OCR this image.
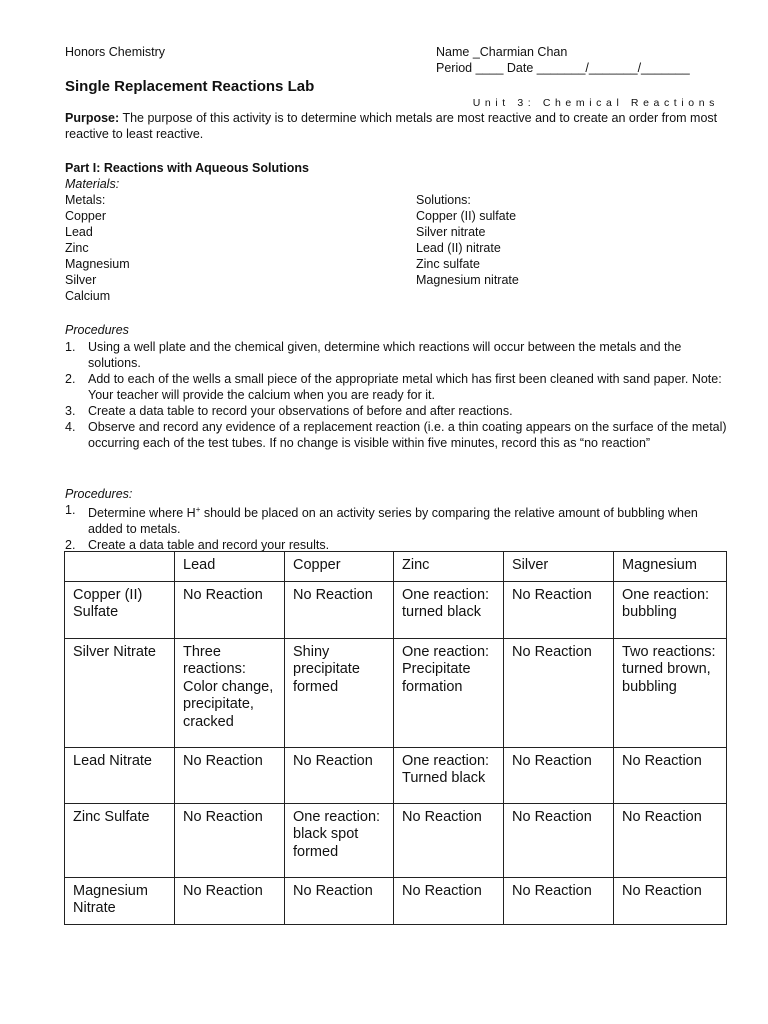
Honors Chemistry	Name _Charmian Chan
Period ____ Date _______/_______/_______
Single Replacement Reactions Lab
Unit 3: Chemical Reactions
Purpose: The purpose of this activity is to determine which metals are most reactive and to create an order from most reactive to least reactive.
Part I: Reactions with Aqueous Solutions
Materials:
Metals:
Copper
Lead
Zinc
Magnesium
Silver
Calcium
Solutions:
Copper (II) sulfate
Silver nitrate
Lead (II) nitrate
Zinc sulfate
Magnesium nitrate
Procedures
1. Using a well plate and the chemical given, determine which reactions will occur between the metals and the solutions.
2. Add to each of the wells a small piece of the appropriate metal which has first been cleaned with sand paper. Note: Your teacher will provide the calcium when you are ready for it.
3. Create a data table to record your observations of before and after reactions.
4. Observe and record any evidence of a replacement reaction (i.e. a thin coating appears on the surface of the metal) occurring each of the test tubes. If no change is visible within five minutes, record this as “no reaction”
Procedures:
1. Determine where H+ should be placed on an activity series by comparing the relative amount of bubbling when added to metals.
2. Create a data table and record your results.
	Lead	Copper	Zinc	Silver	Magnesium
Copper (II) Sulfate	No Reaction	No Reaction	One reaction: turned black	No Reaction	One reaction: bubbling
Silver Nitrate	Three reactions: Color change, precipitate, cracked	Shiny precipitate formed	One reaction: Precipitate formation	No Reaction	Two reactions: turned brown, bubbling
Lead Nitrate	No Reaction	No Reaction	One reaction: Turned black	No Reaction	No Reaction
Zinc Sulfate	No Reaction	One reaction: black spot formed	No Reaction	No Reaction	No Reaction
Magnesium Nitrate	No Reaction	No Reaction	No Reaction	No Reaction	No Reaction
